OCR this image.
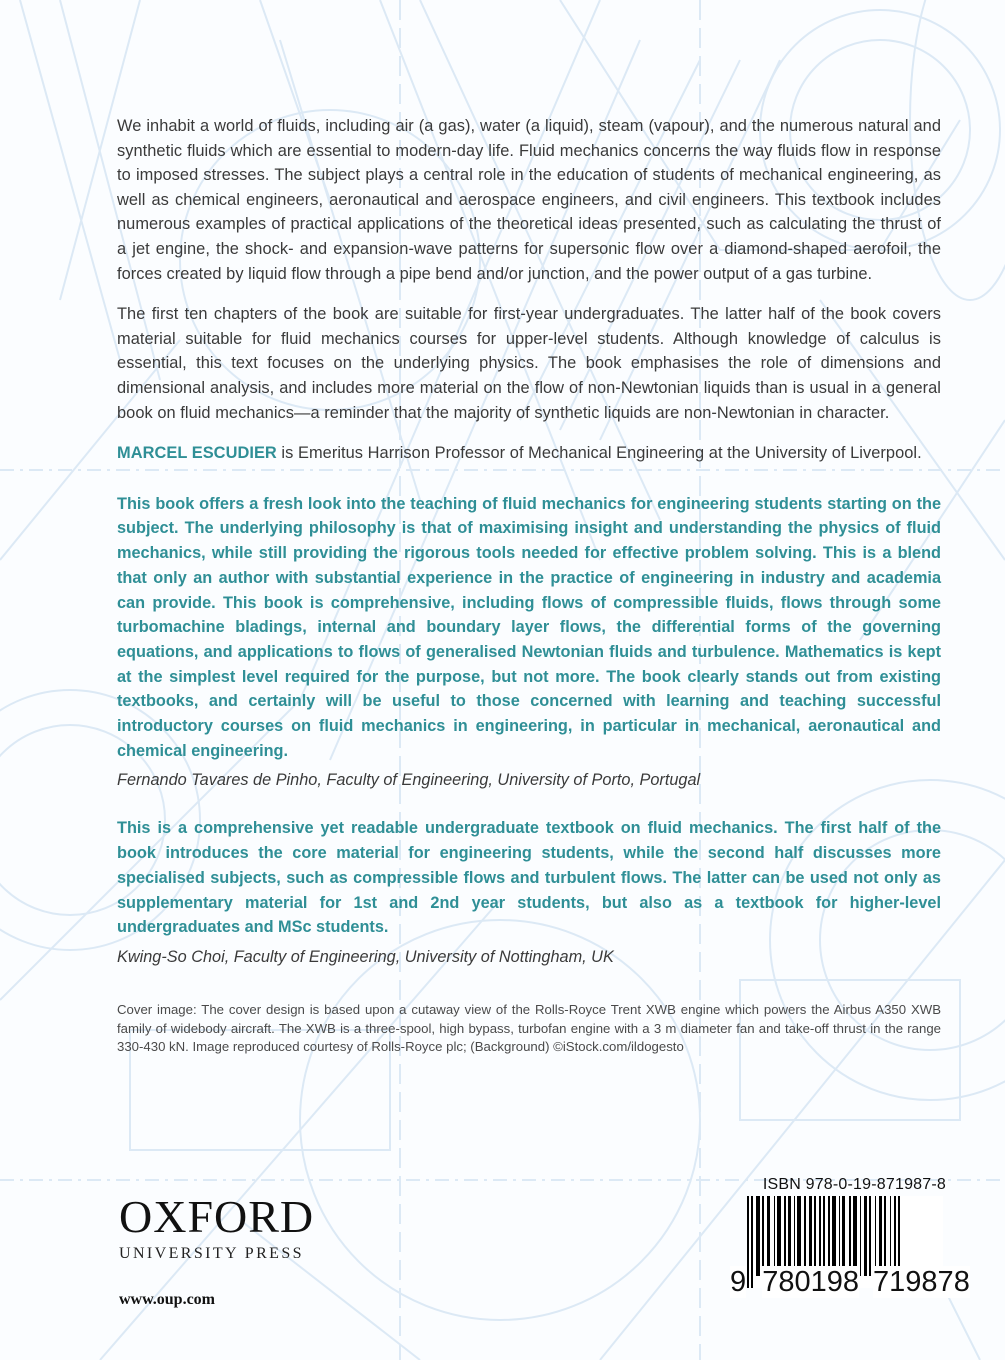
We inhabit a world of fluids, including air (a gas), water (a liquid), steam (vapour), and the numerous natural and synthetic fluids which are essential to modern-day life. Fluid mechanics concerns the way fluids flow in response to imposed stresses. The subject plays a central role in the education of students of mechanical engineering, as well as chemical engineers, aeronautical and aerospace engineers, and civil engineers. This textbook includes numerous examples of practical applications of the theoretical ideas presented, such as calculating the thrust of a jet engine, the shock- and expansion-wave patterns for supersonic flow over a diamond-shaped aerofoil, the forces created by liquid flow through a pipe bend and/or junction, and the power output of a gas turbine.

The first ten chapters of the book are suitable for first-year undergraduates. The latter half of the book covers material suitable for fluid mechanics courses for upper-level students. Although knowledge of calculus is essential, this text focuses on the underlying physics. The book emphasises the role of dimensions and dimensional analysis, and includes more material on the flow of non-Newtonian liquids than is usual in a general book on fluid mechanics—a reminder that the majority of synthetic liquids are non-Newtonian in character.

MARCEL ESCUDIER is Emeritus Harrison Professor of Mechanical Engineering at the University of Liverpool.

This book offers a fresh look into the teaching of fluid mechanics for engineering students starting on the subject. The underlying philosophy is that of maximising insight and understanding the physics of fluid mechanics, while still providing the rigorous tools needed for effective problem solving. This is a blend that only an author with substantial experience in the practice of engineering in industry and academia can provide. This book is comprehensive, including flows of compressible fluids, flows through some turbomachine bladings, internal and boundary layer flows, the differential forms of the governing equations, and applications to flows of generalised Newtonian fluids and turbulence. Mathematics is kept at the simplest level required for the purpose, but not more. The book clearly stands out from existing textbooks, and certainly will be useful to those concerned with learning and teaching successful introductory courses on fluid mechanics in engineering, in particular in mechanical, aeronautical and chemical engineering.

Fernando Tavares de Pinho, Faculty of Engineering, University of Porto, Portugal

This is a comprehensive yet readable undergraduate textbook on fluid mechanics. The first half of the book introduces the core material for engineering students, while the second half discusses more specialised subjects, such as compressible flows and turbulent flows. The latter can be used not only as supplementary material for 1st and 2nd year students, but also as a textbook for higher-level undergraduates and MSc students.

Kwing-So Choi, Faculty of Engineering, University of Nottingham, UK

Cover image: The cover design is based upon a cutaway view of the Rolls-Royce Trent XWB engine which powers the Airbus A350 XWB family of widebody aircraft. The XWB is a three-spool, high bypass, turbofan engine with a 3 m diameter fan and take-off thrust in the range 330-430 kN. Image reproduced courtesy of Rolls-Royce plc; (Background) ©iStock.com/ildogesto

OXFORD
UNIVERSITY PRESS
www.oup.com
ISBN 978-0-19-871987-8
9 780198 719878
